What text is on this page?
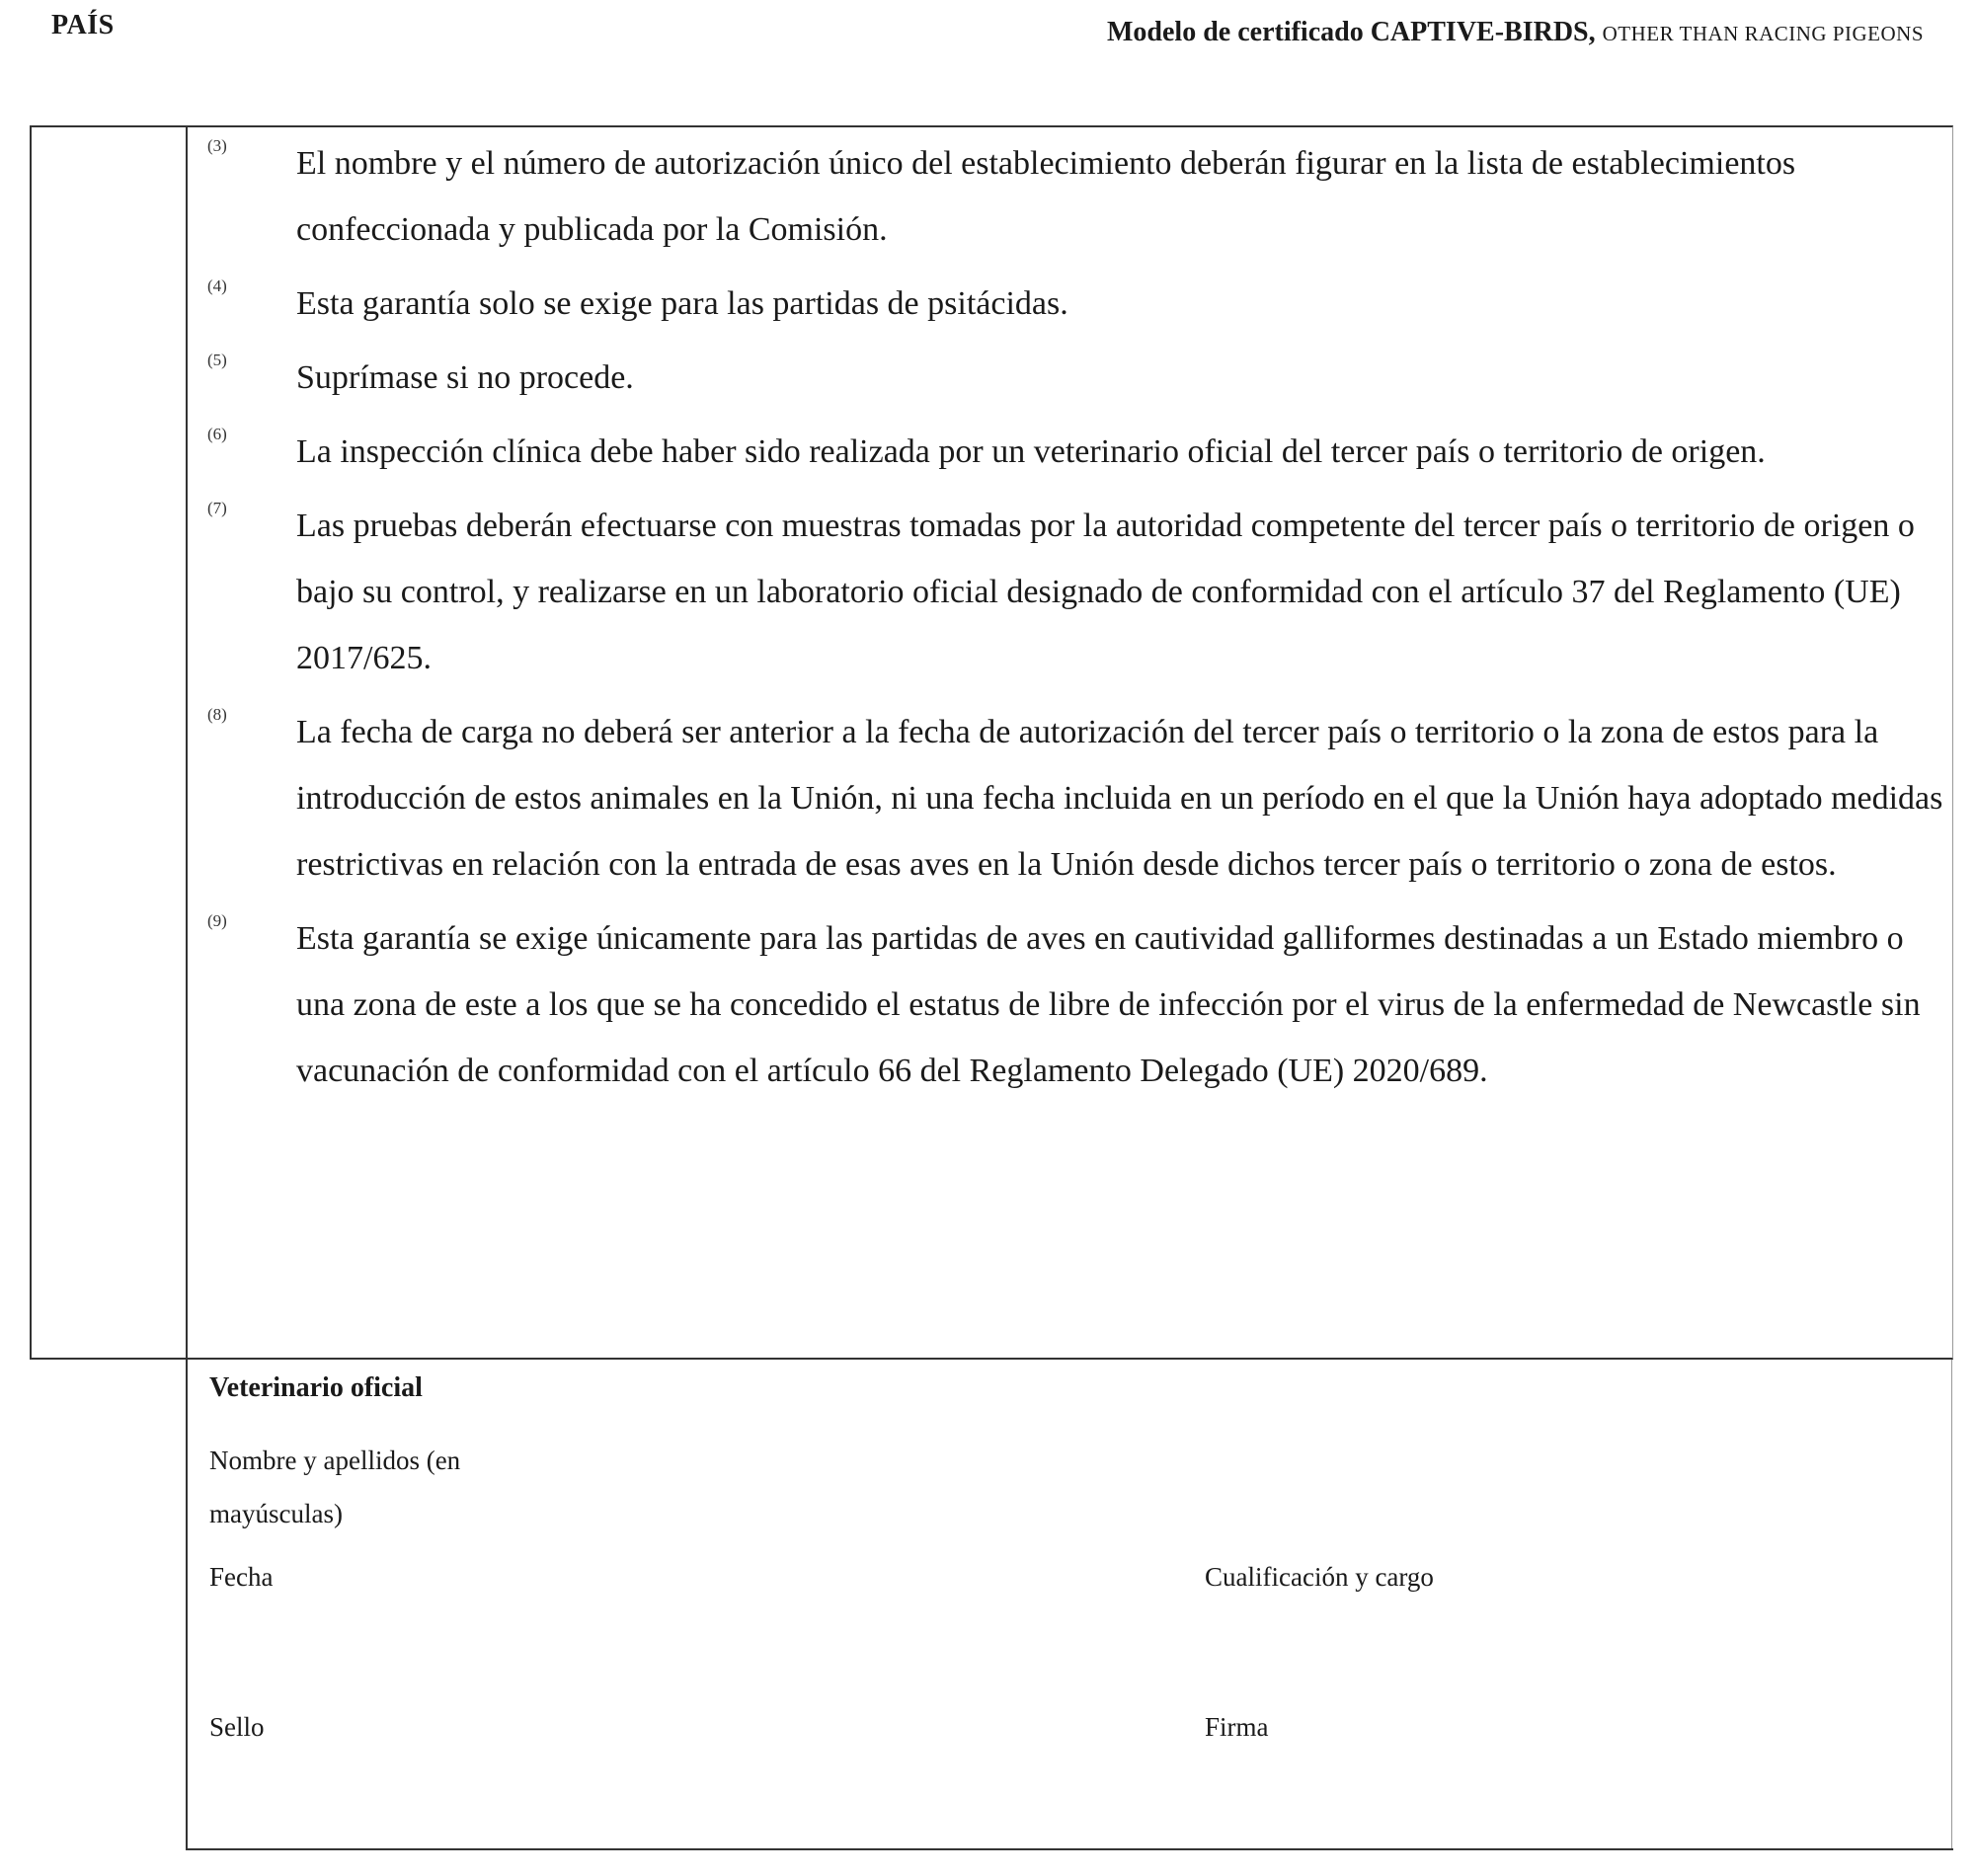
PAÍS	Modelo de certificado CAPTIVE-BIRDS, OTHER THAN RACING PIGEONS
(3) El nombre y el número de autorización único del establecimiento deberán figurar en la lista de establecimientos confeccionada y publicada por la Comisión.
(4) Esta garantía solo se exige para las partidas de psitácidas.
(5) Suprímase si no procede.
(6) La inspección clínica debe haber sido realizada por un veterinario oficial del tercer país o territorio de origen.
(7) Las pruebas deberán efectuarse con muestras tomadas por la autoridad competente del tercer país o territorio de origen o bajo su control, y realizarse en un laboratorio oficial designado de conformidad con el artículo 37 del Reglamento (UE) 2017/625.
(8) La fecha de carga no deberá ser anterior a la fecha de autorización del tercer país o territorio o la zona de estos para la introducción de estos animales en la Unión, ni una fecha incluida en un período en el que la Unión haya adoptado medidas restrictivas en relación con la entrada de esas aves en la Unión desde dichos tercer país o territorio o zona de estos.
(9) Esta garantía se exige únicamente para las partidas de aves en cautividad galliformes destinadas a un Estado miembro o una zona de este a los que se ha concedido el estatus de libre de infección por el virus de la enfermedad de Newcastle sin vacunación de conformidad con el artículo 66 del Reglamento Delegado (UE) 2020/689.
Veterinario oficial
Nombre y apellidos (en mayúsculas)
Fecha	Cualificación y cargo
Sello	Firma
